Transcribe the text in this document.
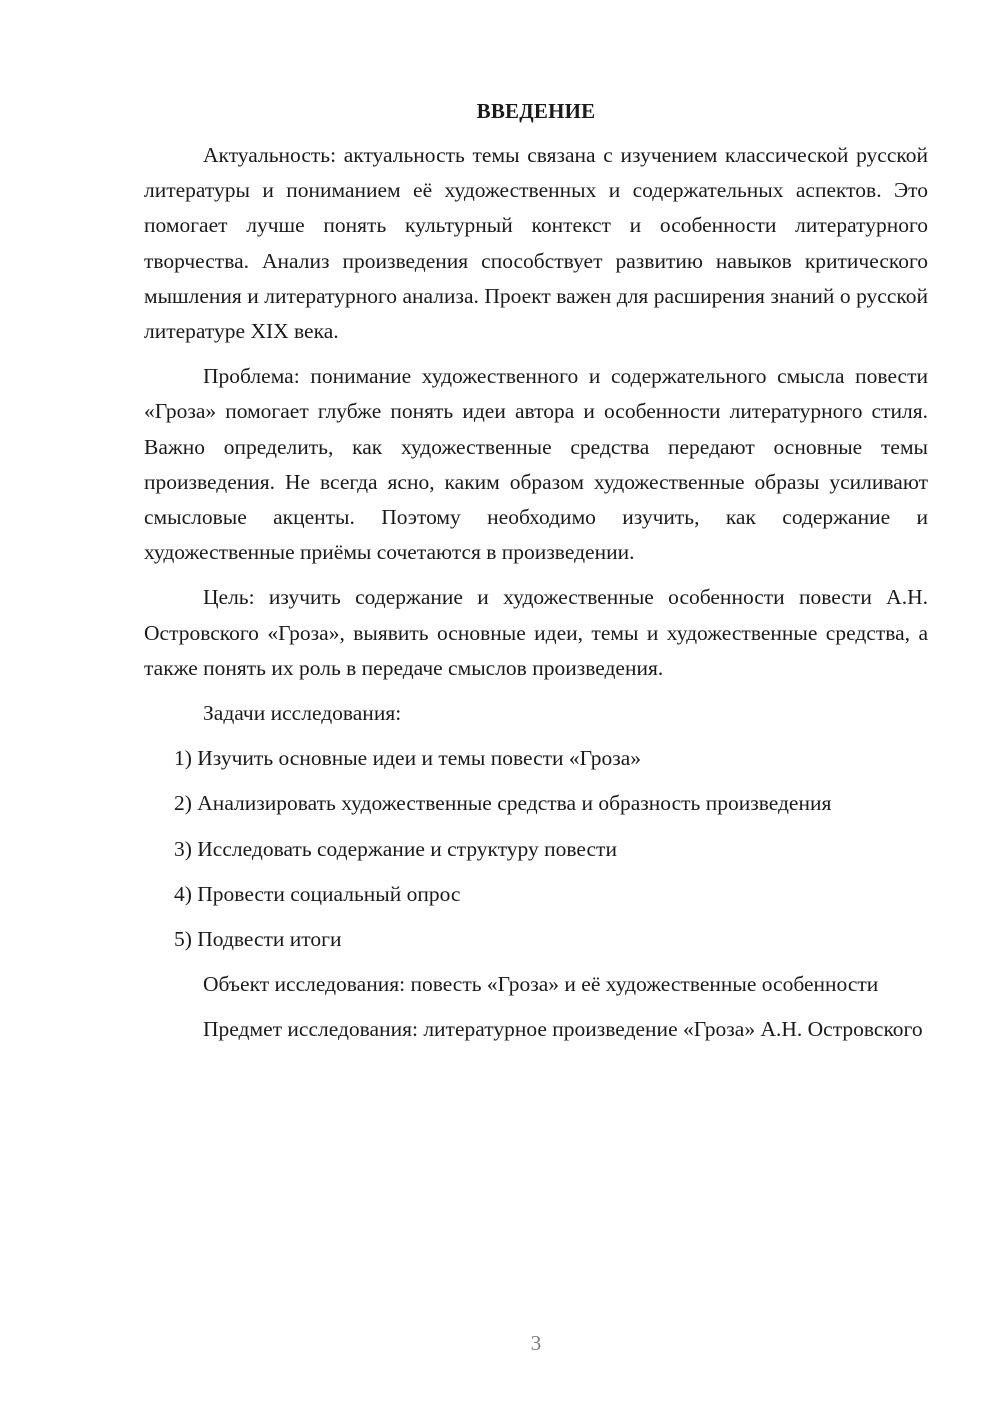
ВВЕДЕНИЕ

Актуальность: актуальность темы связана с изучением классической русской литературы и пониманием её художественных и содержательных аспектов. Это помогает лучше понять культурный контекст и особенности литературного творчества. Анализ произведения способствует развитию навыков критического мышления и литературного анализа. Проект важен для расширения знаний о русской литературе XIX века.

Проблема: понимание художественного и содержательного смысла повести «Гроза» помогает глубже понять идеи автора и особенности литературного стиля. Важно определить, как художественные средства передают основные темы произведения. Не всегда ясно, каким образом художественные образы усиливают смысловые акценты. Поэтому необходимо изучить, как содержание и художественные приёмы сочетаются в произведении.

Цель: изучить содержание и художественные особенности повести А.Н. Островского «Гроза», выявить основные идеи, темы и художественные средства, а также понять их роль в передаче смыслов произведения.

Задачи исследования:

1) Изучить основные идеи и темы повести «Гроза»

2) Анализировать художественные средства и образность произведения

3) Исследовать содержание и структуру повести

4) Провести социальный опрос

5) Подвести итоги

Объект исследования: повесть «Гроза» и её художественные особенности

Предмет исследования: литературное произведение «Гроза» А.Н. Островского

3
